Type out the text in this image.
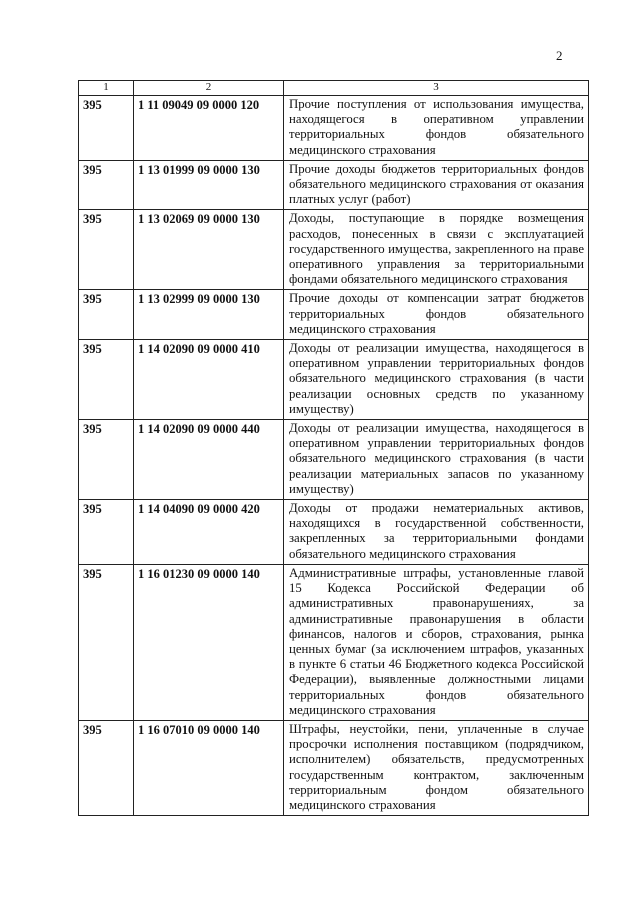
2
1	2	3
395	1 11 09049 09 0000 120	Прочие поступления от использования имущества, находящегося в оперативном управлении территориальных фондов обязательного медицинского страхования
395	1 13 01999 09 0000 130	Прочие доходы бюджетов территориальных фондов обязательного медицинского страхования от оказания платных услуг (работ)
395	1 13 02069 09 0000 130	Доходы, поступающие в порядке возмещения расходов, понесенных в связи с эксплуатацией государственного имущества, закрепленного на праве оперативного управления за территориальными фондами обязательного медицинского страхования
395	1 13 02999 09 0000 130	Прочие доходы от компенсации затрат бюджетов территориальных фондов обязательного медицинского страхования
395	1 14 02090 09 0000 410	Доходы от реализации имущества, находящегося в оперативном управлении территориальных фондов обязательного медицинского страхования (в части реализации основных средств по указанному имуществу)
395	1 14 02090 09 0000 440	Доходы от реализации имущества, находящегося в оперативном управлении территориальных фондов обязательного медицинского страхования (в части реализации материальных запасов по указанному имуществу)
395	1 14 04090 09 0000 420	Доходы от продажи нематериальных активов, находящихся в государственной собственности, закрепленных за территориальными фондами обязательного медицинского страхования
395	1 16 01230 09 0000 140	Административные штрафы, установленные главой 15 Кодекса Российской Федерации об административных правонарушениях, за административные правонарушения в области финансов, налогов и сборов, страхования, рынка ценных бумаг (за исключением штрафов, указанных в пункте 6 статьи 46 Бюджетного кодекса Российской Федерации), выявленные должностными лицами территориальных фондов обязательного медицинского страхования
395	1 16 07010 09 0000 140	Штрафы, неустойки, пени, уплаченные в случае просрочки исполнения поставщиком (подрядчиком, исполнителем) обязательств, предусмотренных государственным контрактом, заключенным территориальным фондом обязательного медицинского страхования
